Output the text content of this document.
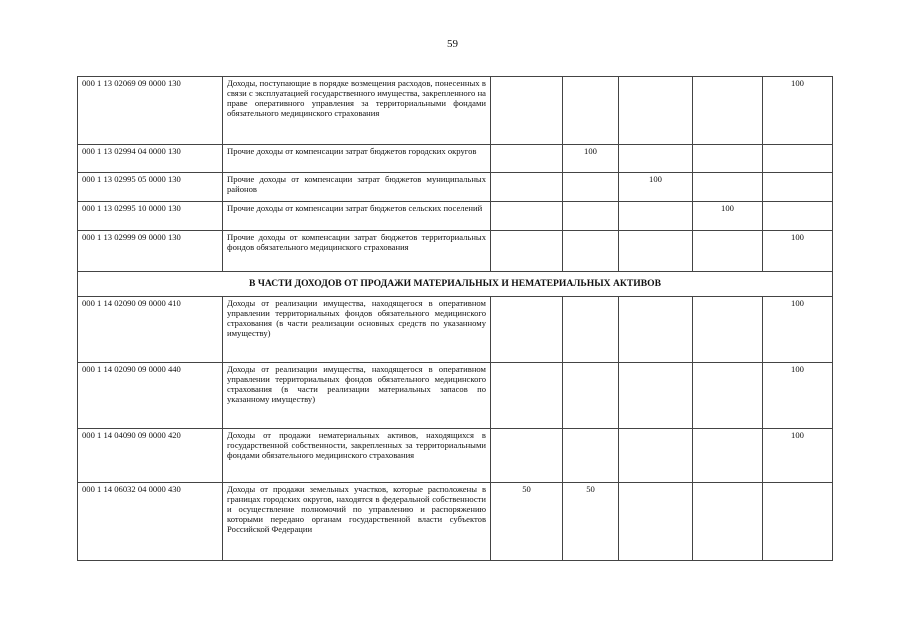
59
000 1 13 02069 09 0000 130	Доходы, поступающие в порядке возмещения расходов, понесенных в связи с эксплуатацией государственного имущества, закрепленного на праве оперативного управления за территориальными фондами обязательного медицинского страхования					100
000 1 13 02994 04 0000 130	Прочие доходы от компенсации затрат бюджетов городских округов		100			
000 1 13 02995 05 0000 130	Прочие доходы от компенсации затрат бюджетов муниципальных районов			100		
000 1 13 02995 10 0000 130	Прочие доходы от компенсации затрат бюджетов сельских поселений				100	
000 1 13 02999 09 0000 130	Прочие доходы от компенсации затрат бюджетов территориальных фондов обязательного медицинского страхования					100
В ЧАСТИ ДОХОДОВ ОТ ПРОДАЖИ МАТЕРИАЛЬНЫХ И НЕМАТЕРИАЛЬНЫХ АКТИВОВ						
000 1 14 02090 09 0000 410	Доходы от реализации имущества, находящегося в оперативном управлении территориальных фондов обязательного медицинского страхования (в части реализации основных средств по указанному имуществу)					100
000 1 14 02090 09 0000 440	Доходы от реализации имущества, находящегося в оперативном управлении территориальных фондов обязательного медицинского страхования (в части реализации материальных запасов по указанному имуществу)					100
000 1 14 04090 09 0000 420	Доходы от продажи нематериальных активов, находящихся в государственной собственности, закрепленных за территориальными фондами обязательного медицинского страхования					100
000 1 14 06032 04 0000 430	Доходы от продажи земельных участков, которые расположены в границах городских округов, находятся в федеральной собственности и осуществление полномочий по управлению и распоряжению которыми передано органам государственной власти субъектов Российской Федерации	50	50			
